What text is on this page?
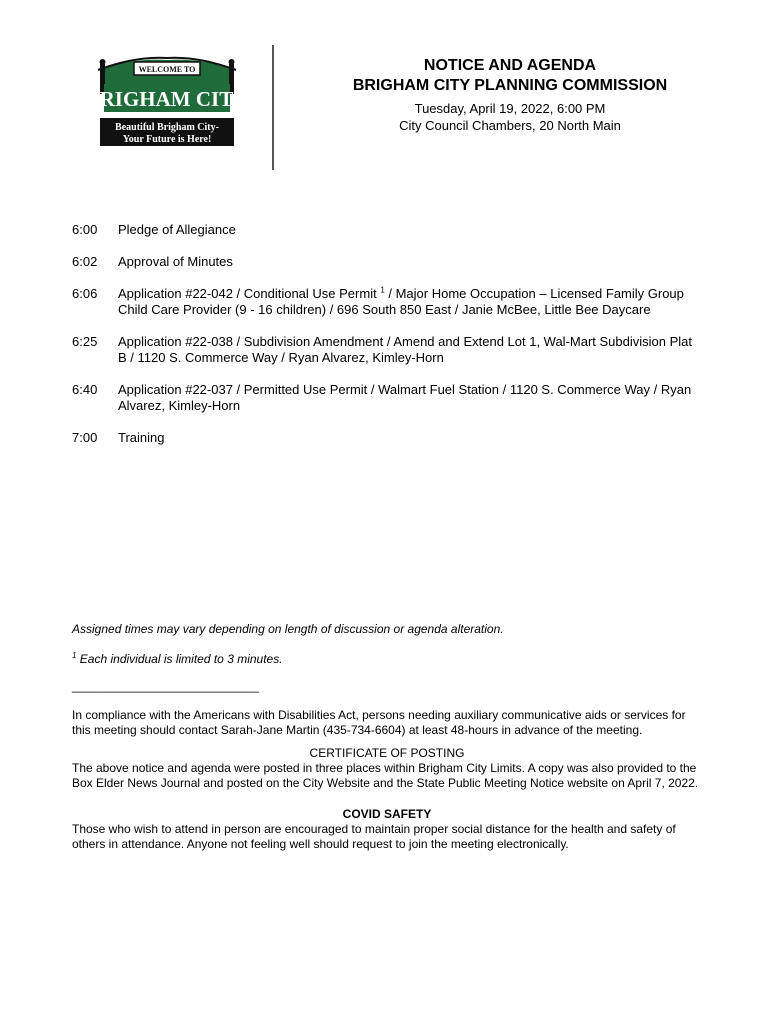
WELCOME TO
BRIGHAM CITY
Beautiful Brigham City-
Your Future is Here!
NOTICE AND AGENDA
BRIGHAM CITY PLANNING COMMISSION
Tuesday, April 19, 2022, 6:00 PM
City Council Chambers, 20 North Main
6:00	Pledge of Allegiance
6:02	Approval of Minutes
6:06	Application #22-042 / Conditional Use Permit $^1$ / Major Home Occupation – Licensed Family Group Child Care Provider (9 - 16 children) / 696 South 850 East / Janie McBee, Little Bee Daycare
6:25	Application #22-038 / Subdivision Amendment / Amend and Extend Lot 1, Wal-Mart Subdivision Plat B / 1120 S. Commerce Way / Ryan Alvarez, Kimley-Horn
6:40	Application #22-037 / Permitted Use Permit / Walmart Fuel Station / 1120 S. Commerce Way / Ryan Alvarez, Kimley-Horn
7:00	Training
Assigned times may vary depending on length of discussion or agenda alteration.
$^1$ Each individual is limited to 3 minutes.
____________________________
In compliance with the Americans with Disabilities Act, persons needing auxiliary communicative aids or services for this meeting should contact Sarah-Jane Martin (435-734-6604) at least 48-hours in advance of the meeting.
CERTIFICATE OF POSTING
The above notice and agenda were posted in three places within Brigham City Limits. A copy was also provided to the Box Elder News Journal and posted on the City Website and the State Public Meeting Notice website on April 7, 2022.
COVID SAFETY
Those who wish to attend in person are encouraged to maintain proper social distance for the health and safety of others in attendance. Anyone not feeling well should request to join the meeting electronically.
